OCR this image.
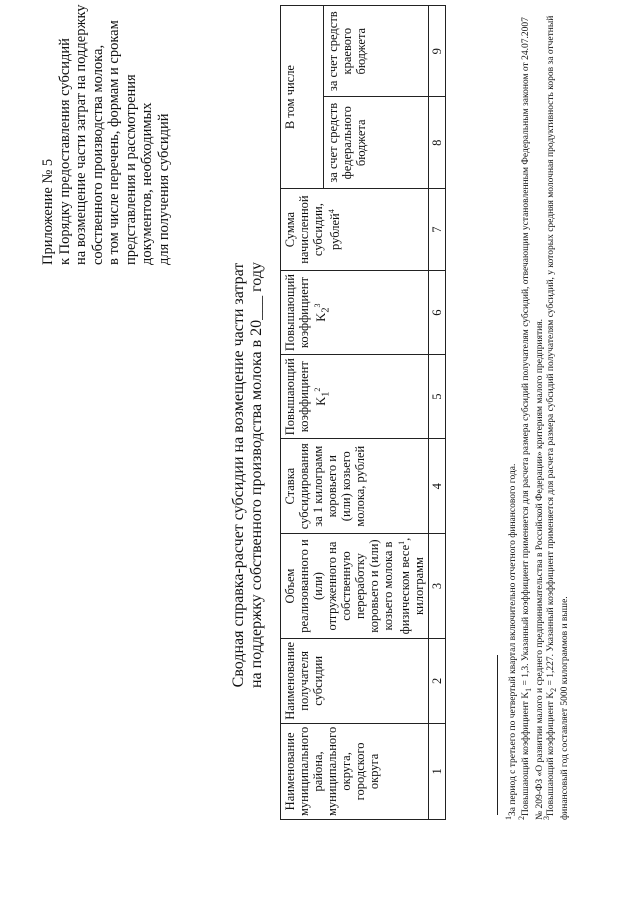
Приложение № 5 к Порядку предоставления субсидий на возмещение части затрат на поддержку собственного производства молока, в том числе перечень, формам и срокам представления и рассмотрения документов, необходимых для получения субсидий
Сводная справка-расчет субсидии на возмещение части затрат на поддержку собственного производства молока в 20___ году
Наименование муниципального района, муниципального округа, городского округа	Наименование получателя субсидии	Объем реализованного и (или) отгруженного на собственную переработку коровьего и (или) козьего молока в физическом весе$^1$, килограмм	Ставка субсидирования за 1 килограмм коровьего и (или) козьего молока, рублей	Повышающий коэффициент $K_1^2$	Повышающий коэффициент $K_2^3$	Сумма начисленной субсидии, рублей$^4$	В том числе	
							за счет средств федерального бюджета	за счет средств краевого бюджета
1	2	3	4	5	6	7	8	9
$^1$За период с третьего по четвертый квартал включительно отчетного финансового года.
$^2$Повышающий коэффициент $K_1 = 1,3$. Указанный коэффициент применяется для расчета размера субсидий получателям субсидий, отвечающим установленным Федеральным законом от 24.07.2007 № 209-ФЗ «О развитии малого и среднего предпринимательства в Российской Федерации» критериям малого предприятия.
$^3$Повышающий коэффициент $K_2 = 1,227$. Указанный коэффициент применяется для расчета размера субсидий получателям субсидий, у которых средняя молочная продуктивность коров за отчетный финансовый год составляет 5000 килограммов и выше.
